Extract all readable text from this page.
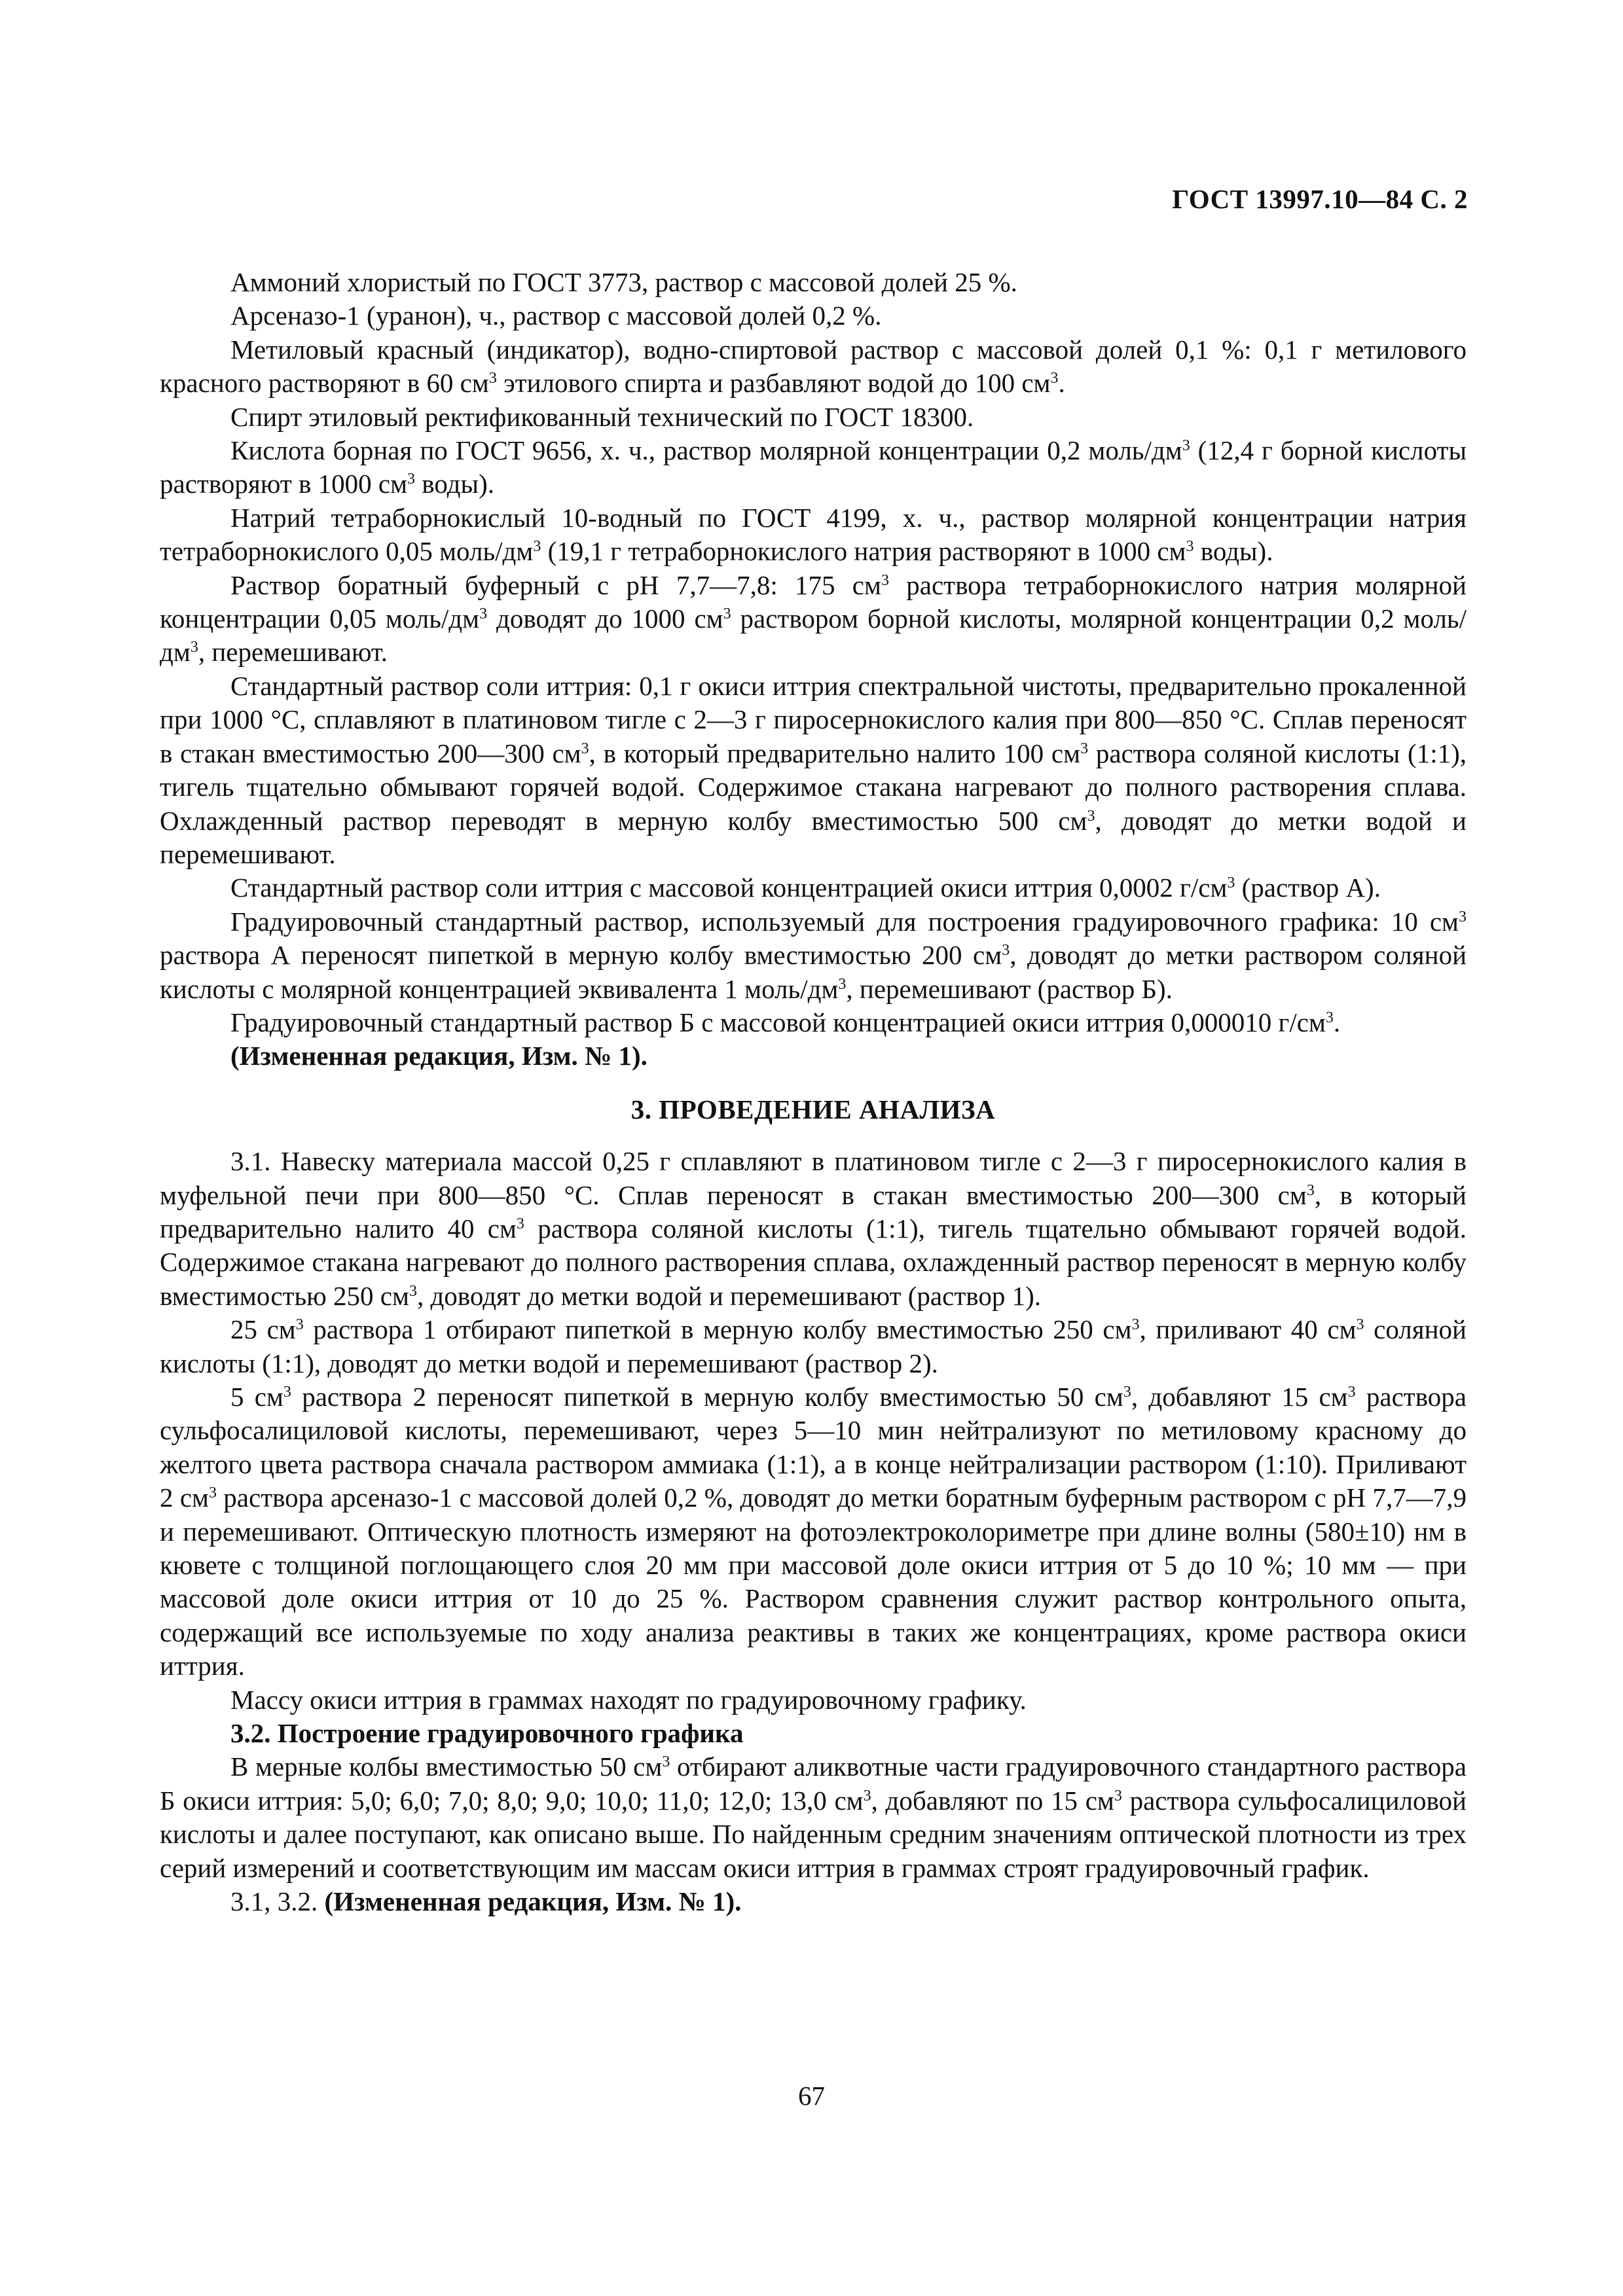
ГОСТ 13997.10—84 С. 2

Аммоний хлористый по ГОСТ 3773, раствор с массовой долей 25 %.

Арсеназо-1 (уранон), ч., раствор с массовой долей 0,2 %.

Метиловый красный (индикатор), водно-спиртовой раствор с массовой долей 0,1 %: 0,1 г метилового красного растворяют в 60 $см^3$ этилового спирта и разбавляют водой до 100 $см^3$.

Спирт этиловый ректификованный технический по ГОСТ 18300.

Кислота борная по ГОСТ 9656, х. ч., раствор молярной концентрации 0,2 моль/$дм^3$ (12,4 г борной кислоты растворяют в 1000 $см^3$ воды).

Натрий тетраборнокислый 10-водный по ГОСТ 4199, х. ч., раствор молярной концентрации натрия тетраборнокислого 0,05 моль/$дм^3$ (19,1 г тетраборнокислого натрия растворяют в 1000 $см^3$ воды).

Раствор боратный буферный с рН 7,7—7,8: 175 $см^3$ раствора тетраборнокислого натрия молярной концентрации 0,05 моль/$дм^3$ доводят до 1000 $см^3$ раствором борной кислоты, молярной концентрации 0,2 моль/$дм^3$, перемешивают.

Стандартный раствор соли иттрия: 0,1 г окиси иттрия спектральной чистоты, предварительно прокаленной при 1000 °С, сплавляют в платиновом тигле с 2—3 г пиросернокислого калия при 800—850 °С. Сплав переносят в стакан вместимостью 200—300 $см^3$, в который предварительно налито 100 $см^3$ раствора соляной кислоты (1:1), тигель тщательно обмывают горячей водой. Содержимое стакана нагревают до полного растворения сплава. Охлажденный раствор переводят в мерную колбу вместимостью 500 $см^3$, доводят до метки водой и перемешивают.

Стандартный раствор соли иттрия с массовой концентрацией окиси иттрия 0,0002 $г/см^3$ (раствор А).

Градуировочный стандартный раствор, используемый для построения градуировочного графика: 10 $см^3$ раствора А переносят пипеткой в мерную колбу вместимостью 200 $см^3$, доводят до метки раствором соляной кислоты с молярной концентрацией эквивалента 1 моль/$дм^3$, перемешивают (раствор Б).

Градуировочный стандартный раствор Б с массовой концентрацией окиси иттрия 0,000010 $г/см^3$.

(Измененная редакция, Изм. № 1).

3. ПРОВЕДЕНИЕ АНАЛИЗА

3.1. Навеску материала массой 0,25 г сплавляют в платиновом тигле с 2—3 г пиросернокислого калия в муфельной печи при 800—850 °С. Сплав переносят в стакан вместимостью 200—300 $см^3$, в который предварительно налито 40 $см^3$ раствора соляной кислоты (1:1), тигель тщательно обмывают горячей водой. Содержимое стакана нагревают до полного растворения сплава, охлажденный раствор переносят в мерную колбу вместимостью 250 $см^3$, доводят до метки водой и перемешивают (раствор 1).

25 $см^3$ раствора 1 отбирают пипеткой в мерную колбу вместимостью 250 $см^3$, приливают 40 $см^3$ соляной кислоты (1:1), доводят до метки водой и перемешивают (раствор 2).

5 $см^3$ раствора 2 переносят пипеткой в мерную колбу вместимостью 50 $см^3$, добавляют 15 $см^3$ раствора сульфосалициловой кислоты, перемешивают, через 5—10 мин нейтрализуют по метиловому красному до желтого цвета раствора сначала раствором аммиака (1:1), а в конце нейтрализации раствором (1:10). Приливают 2 $см^3$ раствора арсеназо-1 с массовой долей 0,2 %, доводят до метки боратным буферным раствором с рН 7,7—7,9 и перемешивают. Оптическую плотность измеряют на фотоэлектроколориметре при длине волны (580±10) нм в кювете с толщиной поглощающего слоя 20 мм при массовой доле окиси иттрия от 5 до 10 %; 10 мм — при массовой доле окиси иттрия от 10 до 25 %. Раствором сравнения служит раствор контрольного опыта, содержащий все используемые по ходу анализа реактивы в таких же концентрациях, кроме раствора окиси иттрия.

Массу окиси иттрия в граммах находят по градуировочному графику.

3.2. Построение градуировочного графика

В мерные колбы вместимостью 50 $см^3$ отбирают аликвотные части градуировочного стандартного раствора Б окиси иттрия: 5,0; 6,0; 7,0; 8,0; 9,0; 10,0; 11,0; 12,0; 13,0 $см^3$, добавляют по 15 $см^3$ раствора сульфосалициловой кислоты и далее поступают, как описано выше. По найденным средним значениям оптической плотности из трех серий измерений и соответствующим им массам окиси иттрия в граммах строят градуировочный график.

3.1, 3.2. (Измененная редакция, Изм. № 1).

67
